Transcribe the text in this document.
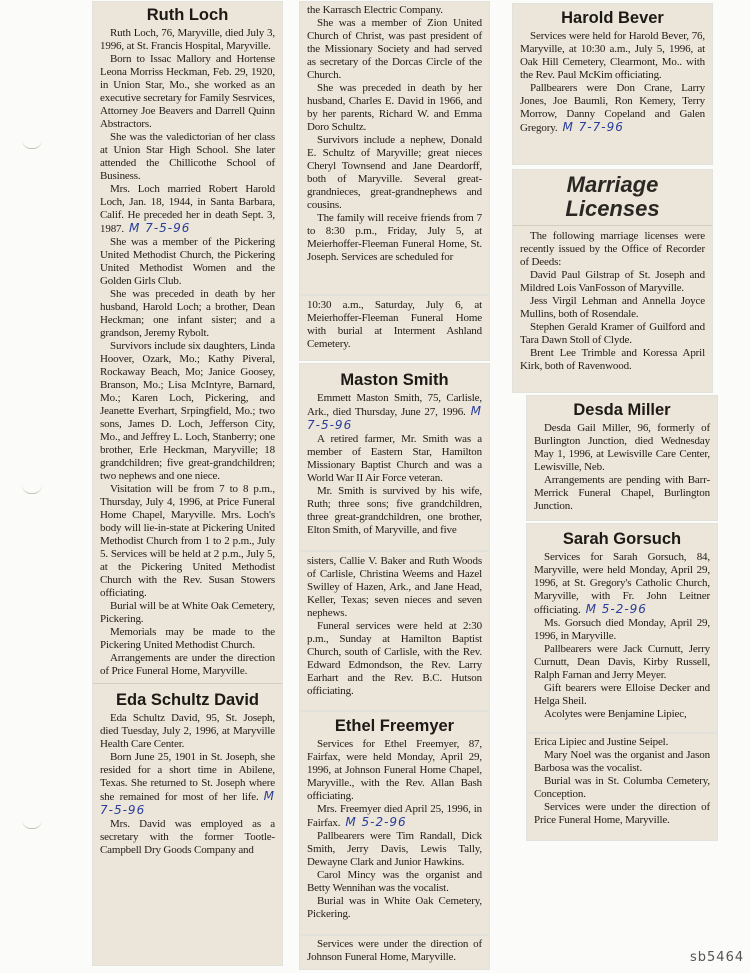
Ruth Loch

Ruth Loch, 76, Maryville, died July 3, 1996, at St. Francis Hospital, Maryville.

Born to Issac Mallory and Hortense Leona Morriss Heckman, Feb. 29, 1920, in Union Star, Mo., she worked as an executive secretary for Family Sesrvices, Attorney Joe Beavers and Darrell Quinn Abstractors.

She was the valedictorian of her class at Union Star High School. She later attended the Chillicothe School of Business.

Mrs. Loch married Robert Harold Loch, Jan. 18, 1944, in Santa Barbara, Calif. He preceded her in death Sept. 3, 1987. M 7-5-96

She was a member of the Pickering United Methodist Church, the Pickering United Methodist Women and the Golden Girls Club.

She was preceded in death by her husband, Harold Loch; a brother, Dean Heckman; one infant sister; and a grandson, Jeremy Rybolt.

Survivors include six daughters, Linda Hoover, Ozark, Mo.; Kathy Piveral, Rockaway Beach, Mo; Janice Goosey, Branson, Mo.; Lisa McIntyre, Barnard, Mo.; Karen Loch, Pickering, and Jeanette Everhart, Srpingfield, Mo.; two sons, James D. Loch, Jefferson City, Mo., and Jeffrey L. Loch, Stanberry; one brother, Erle Heckman, Maryville; 18 grandchildren; five great-grandchildren; two nephews and one niece.

Visitation will be from 7 to 8 p.m., Thursday, July 4, 1996, at Price Funeral Home Chapel, Maryville. Mrs. Loch's body will lie-in-state at Pickering United Methodist Church from 1 to 2 p.m., July 5. Services will be held at 2 p.m., July 5, at the Pickering United Methodist Church with the Rev. Susan Stowers officiating.

Burial will be at White Oak Cemetery, Pickering.

Memorials may be made to the Pickering United Methodist Church.

Arrangements are under the direction of Price Funeral Home, Maryville.

Eda Schultz David

Eda Schultz David, 95, St. Joseph, died Tuesday, July 2, 1996, at Maryville Health Care Center.

Born June 25, 1901 in St. Joseph, she resided for a short time in Abilene, Texas. She returned to St. Joseph where she remained for most of her life. M 7-5-96

Mrs. David was employed as a secretary with the former Tootle-Campbell Dry Goods Company and

the Karrasch Electric Company.

She was a member of Zion United Church of Christ, was past president of the Missionary Society and had served as secretary of the Dorcas Circle of the Church.

She was preceded in death by her husband, Charles E. David in 1966, and by her parents, Richard W. and Emma Doro Schultz.

Survivors include a nephew, Donald E. Schultz of Maryville; great nieces Cheryl Townsend and Jane Deardorff, both of Maryville. Several great-grandnieces, great-grandnephews and cousins.

The family will receive friends from 7 to 8:30 p.m., Friday, July 5, at Meierhoffer-Fleeman Funeral Home, St. Joseph. Services are scheduled for

10:30 a.m., Saturday, July 6, at Meierhoffer-Fleeman Funeral Home with burial at Interment Ashland Cemetery.

Maston Smith

Emmett Maston Smith, 75, Carlisle, Ark., died Thursday, June 27, 1996. M 7-5-96

A retired farmer, Mr. Smith was a member of Eastern Star, Hamilton Missionary Baptist Church and was a World War II Air Force veteran.

Mr. Smith is survived by his wife, Ruth; three sons; five grandchildren, three great-grandchildren, one brother, Elton Smith, of Maryville, and five

sisters, Callie V. Baker and Ruth Woods of Carlisle, Christina Weems and Hazel Swilley of Hazen, Ark., and Jane Head, Keller, Texas; seven nieces and seven nephews.

Funeral services were held at 2:30 p.m., Sunday at Hamilton Baptist Church, south of Carlisle, with the Rev. Edward Edmondson, the Rev. Larry Earhart and the Rev. B.C. Hutson officiating.

Ethel Freemyer

Services for Ethel Freemyer, 87, Fairfax, were held Monday, April 29, 1996, at Johnson Funeral Home Chapel, Maryville., with the Rev. Allan Bash officiating.

Mrs. Freemyer died April 25, 1996, in Fairfax. M 5-2-96

Pallbearers were Tim Randall, Dick Smith, Jerry Davis, Lewis Tally, Dewayne Clark and Junior Hawkins.

Carol Mincy was the organist and Betty Wennihan was the vocalist.

Burial was in White Oak Cemetery, Pickering.

Services were under the direction of Johnson Funeral Home, Maryville.

Harold Bever

Services were held for Harold Bever, 76, Maryville, at 10:30 a.m., July 5, 1996, at Oak Hill Cemetery, Clearmont, Mo.. with the Rev. Paul McKim officiating.

Pallbearers were Don Crane, Larry Jones, Joe Baumli, Ron Kemery, Terry Morrow, Danny Copeland and Galen Gregory. M 7-7-96

Marriage
Licenses

The following marriage licenses were recently issued by the Office of Recorder of Deeds:

David Paul Gilstrap of St. Joseph and Mildred Lois VanFosson of Maryville.

Jess Virgil Lehman and Annella Joyce Mullins, both of Rosendale.

Stephen Gerald Kramer of Guilford and Tara Dawn Stoll of Clyde.

Brent Lee Trimble and Koressa April Kirk, both of Ravenwood.

Desda Miller

Desda Gail Miller, 96, formerly of Burlington Junction, died Wednesday May 1, 1996, at Lewisville Care Center, Lewisville, Neb.

Arrangements are pending with Barr-Merrick Funeral Chapel, Burlington Junction.

Sarah Gorsuch

Services for Sarah Gorsuch, 84, Maryville, were held Monday, April 29, 1996, at St. Gregory's Catholic Church, Maryville, with Fr. John Leitner officiating. M 5-2-96

Ms. Gorsuch died Monday, April 29, 1996, in Maryville.

Pallbearers were Jack Curnutt, Jerry Curnutt, Dean Davis, Kirby Russell, Ralph Farnan and Jerry Meyer.

Gift bearers were Elloise Decker and Helga Sheil.

Acolytes were Benjamine Lipiec,

Erica Lipiec and Justine Seipel.

Mary Noel was the organist and Jason Barbosa was the vocalist.

Burial was in St. Columba Cemetery, Conception.

Services were under the direction of Price Funeral Home, Maryville.

sb5464
